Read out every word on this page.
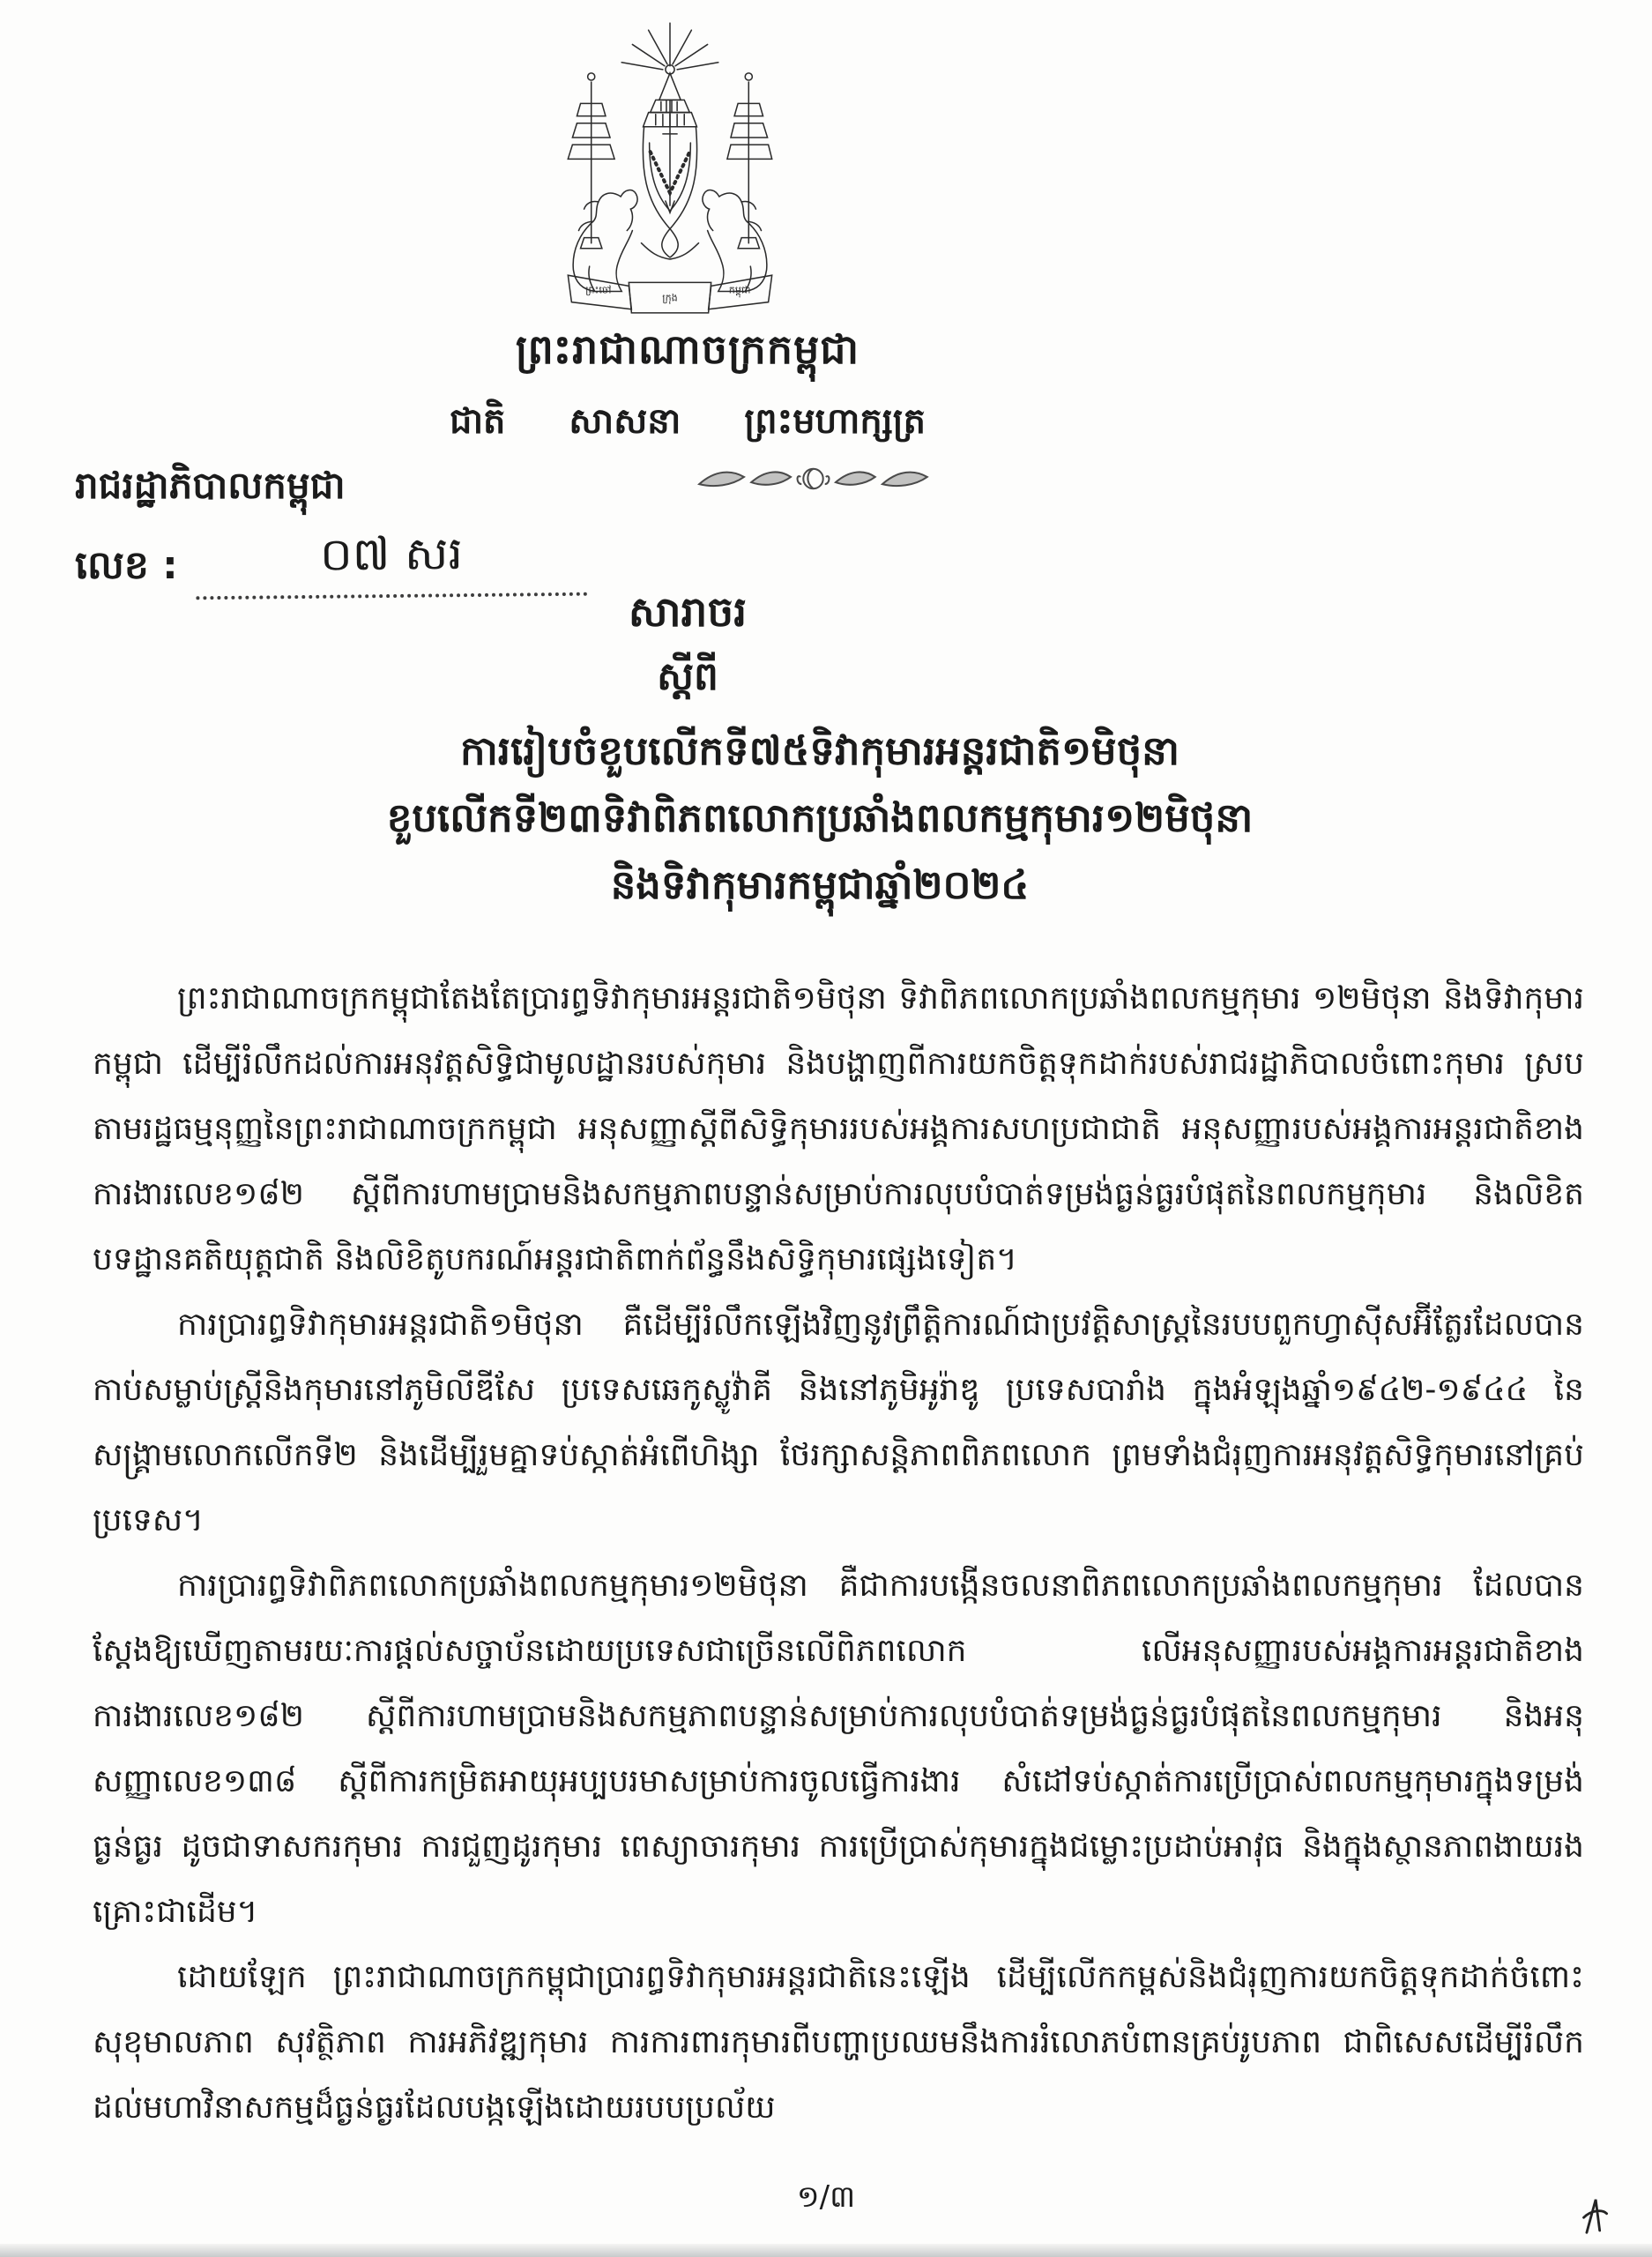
ព្រះចៅ
ក្រុង
កម្ពុជា
ព្រះរាជាណាចក្រកម្ពុជា
ជាតិ សាសនា ព្រះមហាក្សត្រ
រាជរដ្ឋាភិបាលកម្ពុជា
លេខ :	០៧ សរ
សារាចរ
ស្តីពី
ការរៀបចំខួបលើកទី៧៥ទិវាកុមារអន្តរជាតិ១មិថុនា
ខួបលើកទី២៣ទិវាពិភពលោកប្រឆាំងពលកម្មកុមារ១២មិថុនា
និងទិវាកុមារកម្ពុជាឆ្នាំ២០២៤

ព្រះរាជាណាចក្រកម្ពុជាតែងតែប្រារព្ធទិវាកុមារអន្តរជាតិ១មិថុនា ទិវាពិភពលោកប្រឆាំងពលកម្មកុមារ ១២មិថុនា និងទិវាកុមារកម្ពុជា ដើម្បីរំលឹកដល់ការអនុវត្តសិទ្ធិជាមូលដ្ឋានរបស់កុមារ និងបង្ហាញពីការយកចិត្តទុកដាក់របស់រាជរដ្ឋាភិបាលចំពោះកុមារ ស្របតាមរដ្ឋធម្មនុញ្ញនៃព្រះរាជាណាចក្រកម្ពុជា អនុសញ្ញាស្តីពីសិទ្ធិកុមាររបស់អង្គការសហប្រជាជាតិ អនុសញ្ញារបស់អង្គការអន្តរជាតិខាងការងារលេខ១៨២ ស្តីពីការហាមប្រាមនិងសកម្មភាពបន្ទាន់សម្រាប់ការលុបបំបាត់ទម្រង់ធ្ងន់ធ្ងរបំផុតនៃពលកម្មកុមារ និងលិខិតបទដ្ឋានគតិយុត្តជាតិ និងលិខិតូបករណ៍អន្តរជាតិពាក់ព័ន្ធនឹងសិទ្ធិកុមារផ្សេងទៀត។

ការប្រារព្ធទិវាកុមារអន្តរជាតិ១មិថុនា គឺដើម្បីរំលឹកឡើងវិញនូវព្រឹត្តិការណ៍ជាប្រវត្តិសាស្ត្រនៃរបបពួកហ្វាស៊ីសអ៊ីត្លែរដែលបានកាប់សម្លាប់ស្ត្រីនិងកុមារនៅភូមិលីឌីសែ ប្រទេសឆេកូស្លូវ៉ាគី និងនៅភូមិអូរ៉ាឌូ ប្រទេសបារាំង ក្នុងអំឡុងឆ្នាំ១៩៤២-១៩៤៤ នៃសង្គ្រាមលោកលើកទី២ និងដើម្បីរួមគ្នាទប់ស្កាត់អំពើហិង្សា ថែរក្សាសន្តិភាពពិភពលោក ព្រមទាំងជំរុញការអនុវត្តសិទ្ធិកុមារនៅគ្រប់ប្រទេស។

ការប្រារព្ធទិវាពិភពលោកប្រឆាំងពលកម្មកុមារ១២មិថុនា គឺជាការបង្កើនចលនាពិភពលោកប្រឆាំងពលកម្មកុមារ ដែលបានស្តែងឱ្យឃើញតាមរយៈការផ្តល់សច្ចាប័នដោយប្រទេសជាច្រើនលើពិភពលោក លើអនុសញ្ញារបស់អង្គការអន្តរជាតិខាងការងារលេខ១៨២ ស្តីពីការហាមប្រាមនិងសកម្មភាពបន្ទាន់សម្រាប់ការលុបបំបាត់ទម្រង់ធ្ងន់ធ្ងរបំផុតនៃពលកម្មកុមារ និងអនុសញ្ញាលេខ១៣៨ ស្តីពីការកម្រិតអាយុអប្បបរមាសម្រាប់ការចូលធ្វើការងារ សំដៅទប់ស្កាត់ការប្រើប្រាស់ពលកម្មកុមារក្នុងទម្រង់ធ្ងន់ធ្ងរ ដូចជាទាសករកុមារ ការជួញដូរកុមារ ពេស្យាចារកុមារ ការប្រើប្រាស់កុមារក្នុងជម្លោះប្រដាប់អាវុធ និងក្នុងស្ថានភាពងាយរងគ្រោះជាដើម។

ដោយឡែក ព្រះរាជាណាចក្រកម្ពុជាប្រារព្ធទិវាកុមារអន្តរជាតិនេះឡើង ដើម្បីលើកកម្ពស់និងជំរុញការយកចិត្តទុកដាក់ចំពោះសុខុមាលភាព សុវត្ថិភាព ការអភិវឌ្ឍកុមារ ការការពារកុមារពីបញ្ហាប្រឈមនឹងការរំលោភបំពានគ្រប់រូបភាព ជាពិសេសដើម្បីរំលឹកដល់មហាវិនាសកម្មដ៏ធ្ងន់ធ្ងរដែលបង្កឡើងដោយរបបប្រល័យ

១/៣
